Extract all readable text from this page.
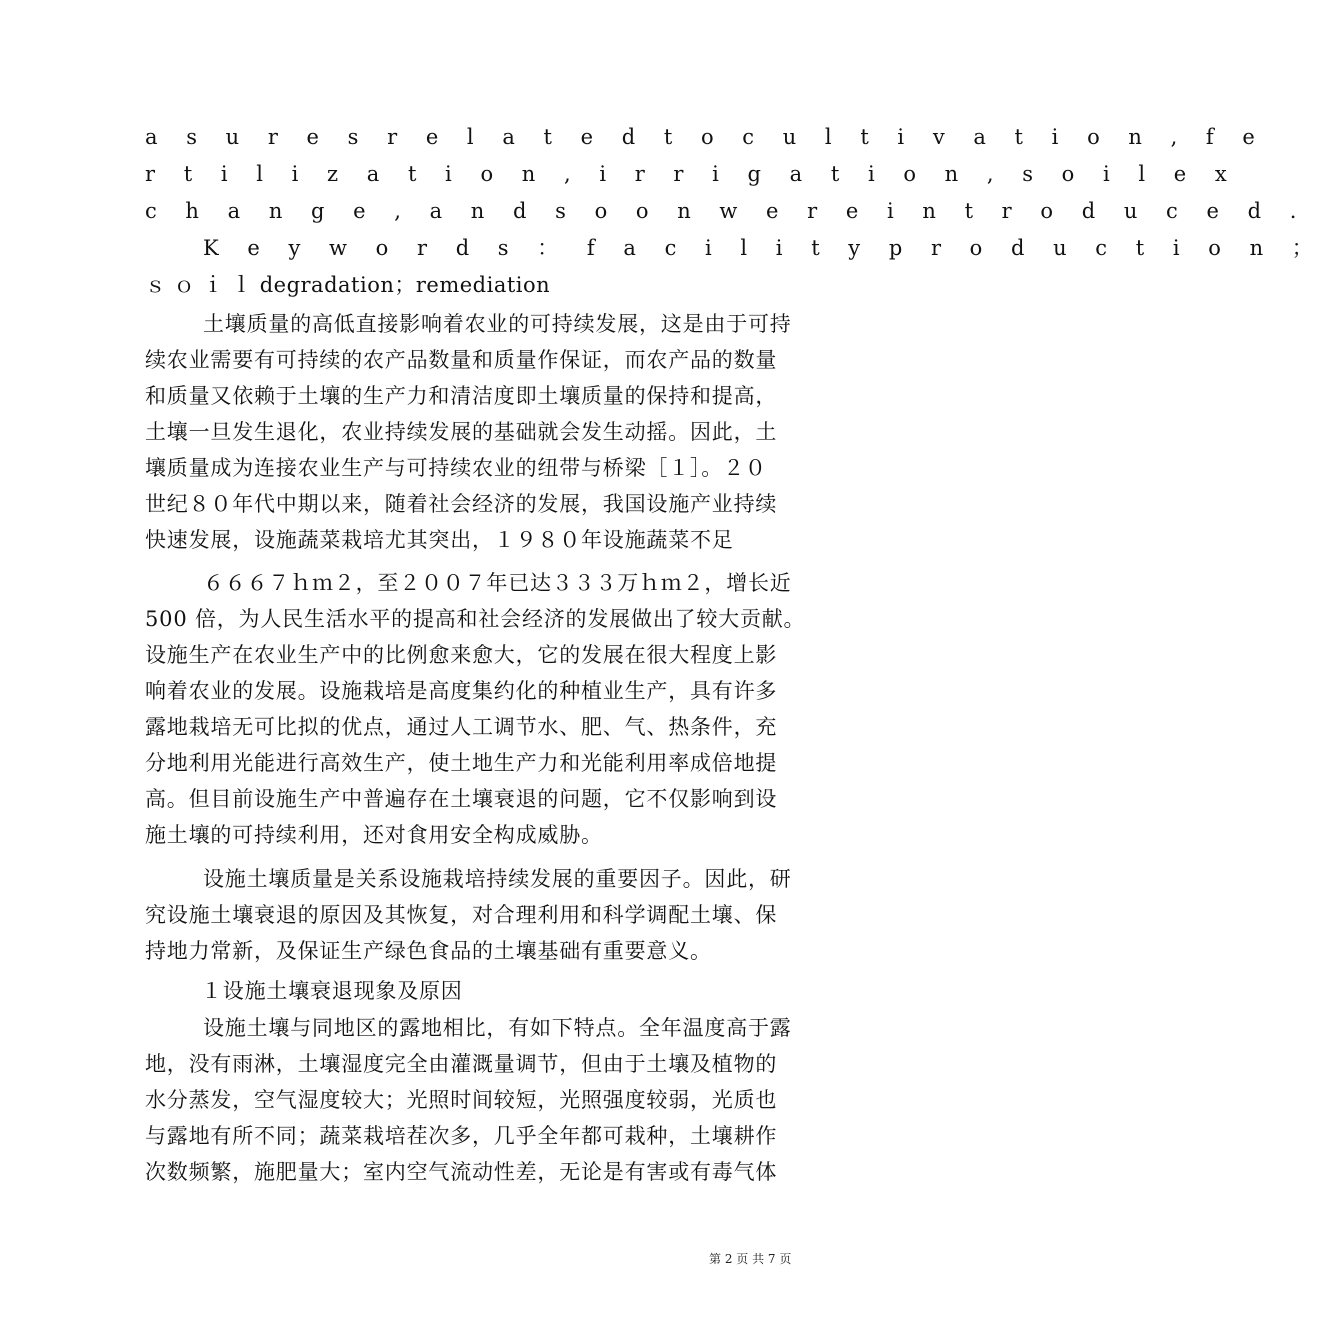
a s u r e s r e l a t e d t o c u l t i v a t i o n , f e
r t i l i z a t i o n , i r r i g a t i o n , s o i l e x
c h a n g e , a n d s o o n w e r e i n t r o d u c e d .
K e y w o r d s ： f a c i l i t y p r o d u c t i o n ；
ｓ ｏ ｉ ｌ degradation；remediation
土壤质量的高低直接影响着农业的可持续发展，这是由于可持
续农业需要有可持续的农产品数量和质量作保证，而农产品的数量
和质量又依赖于土壤的生产力和清洁度即土壤质量的保持和提高，
土壤一旦发生退化，农业持续发展的基础就会发生动摇。因此，土
壤质量成为连接农业生产与可持续农业的纽带与桥梁［１］。２０
世纪８０年代中期以来，随着社会经济的发展，我国设施产业持续
快速发展，设施蔬菜栽培尤其突出，１９８０年设施蔬菜不足
６６６７ｈｍ２，至２００７年已达３３３万ｈｍ２，增长近
500 倍，为人民生活水平的提高和社会经济的发展做出了较大贡献。
设施生产在农业生产中的比例愈来愈大，它的发展在很大程度上影
响着农业的发展。设施栽培是高度集约化的种植业生产，具有许多
露地栽培无可比拟的优点，通过人工调节水、肥、气、热条件，充
分地利用光能进行高效生产，使土地生产力和光能利用率成倍地提
高。但目前设施生产中普遍存在土壤衰退的问题，它不仅影响到设
施土壤的可持续利用，还对食用安全构成威胁。
设施土壤质量是关系设施栽培持续发展的重要因子。因此，研
究设施土壤衰退的原因及其恢复，对合理利用和科学调配土壤、保
持地力常新，及保证生产绿色食品的土壤基础有重要意义。
１设施土壤衰退现象及原因
设施土壤与同地区的露地相比，有如下特点。全年温度高于露
地，没有雨淋，土壤湿度完全由灌溉量调节，但由于土壤及植物的
水分蒸发，空气湿度较大；光照时间较短，光照强度较弱，光质也
与露地有所不同；蔬菜栽培茬次多，几乎全年都可栽种，土壤耕作
次数频繁，施肥量大；室内空气流动性差，无论是有害或有毒气体
第 2 页 共 7 页
